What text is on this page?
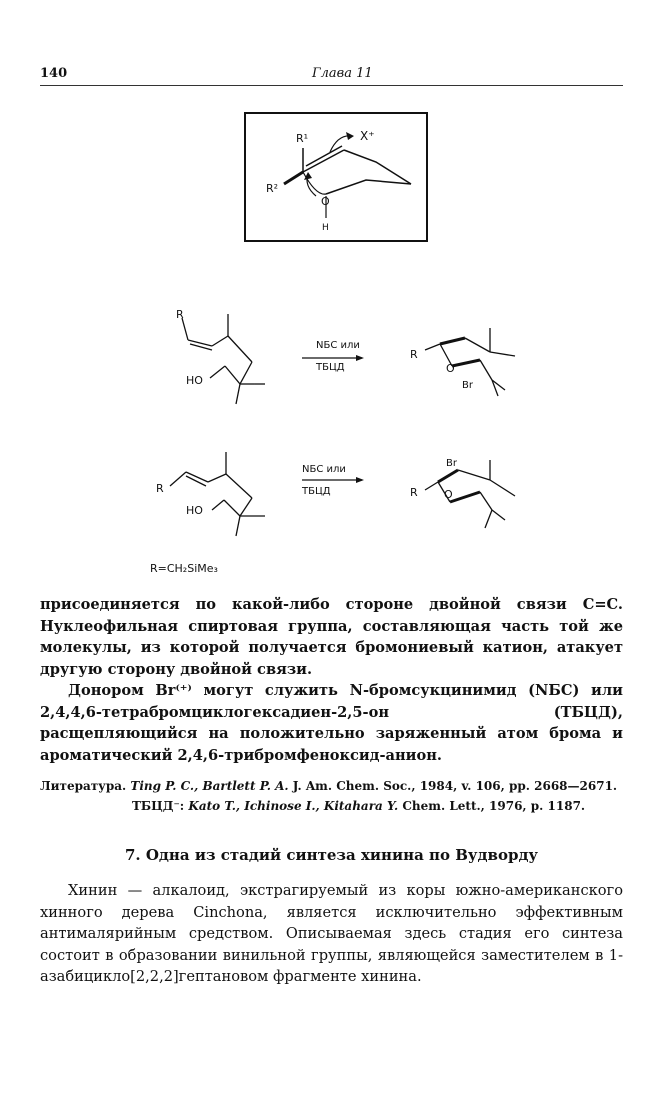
140	Глава 11
R¹
R²
X⁺
O
H
R
HO
NБС или
ТБЦД
R
O
Br
R
HO
NБС или
ТБЦД	R O
Br
R=CH₂SiMe₃

присоединяется по какой-либо стороне двойной связи C=C. Нуклеофильная спиртовая группа, составляющая часть той же молекулы, из которой получается бромониевый катион, атакует другую сторону двойной связи.

Донором Br⁽⁺⁾ могут служить N-бромсукцинимид (NБС) или 2,4,4,6-тетрабромциклогексадиен-2,5-он (ТБЦД), расщепляющийся на положительно заряженный атом брома и ароматический 2,4,6-трибромфеноксид-анион.

Литература. Ting P. C., Bartlett P. A. J. Am. Chem. Soc., 1984, v. 106, pp. 2668—2671.
ТБЦД⁻: Kato T., Ichinose I., Kitahara Y. Chem. Lett., 1976, p. 1187.
7. Одна из стадий синтеза хинина по Вудворду

Хинин — алкалоид, экстрагируемый из коры южно-американского хинного дерева Cinchona, является исключительно эффективным антималярийным средством. Описываемая здесь стадия его синтеза состоит в образовании винильной группы, являющейся заместителем в 1-азабицикло[2,2,2]гептановом фрагменте хинина.
